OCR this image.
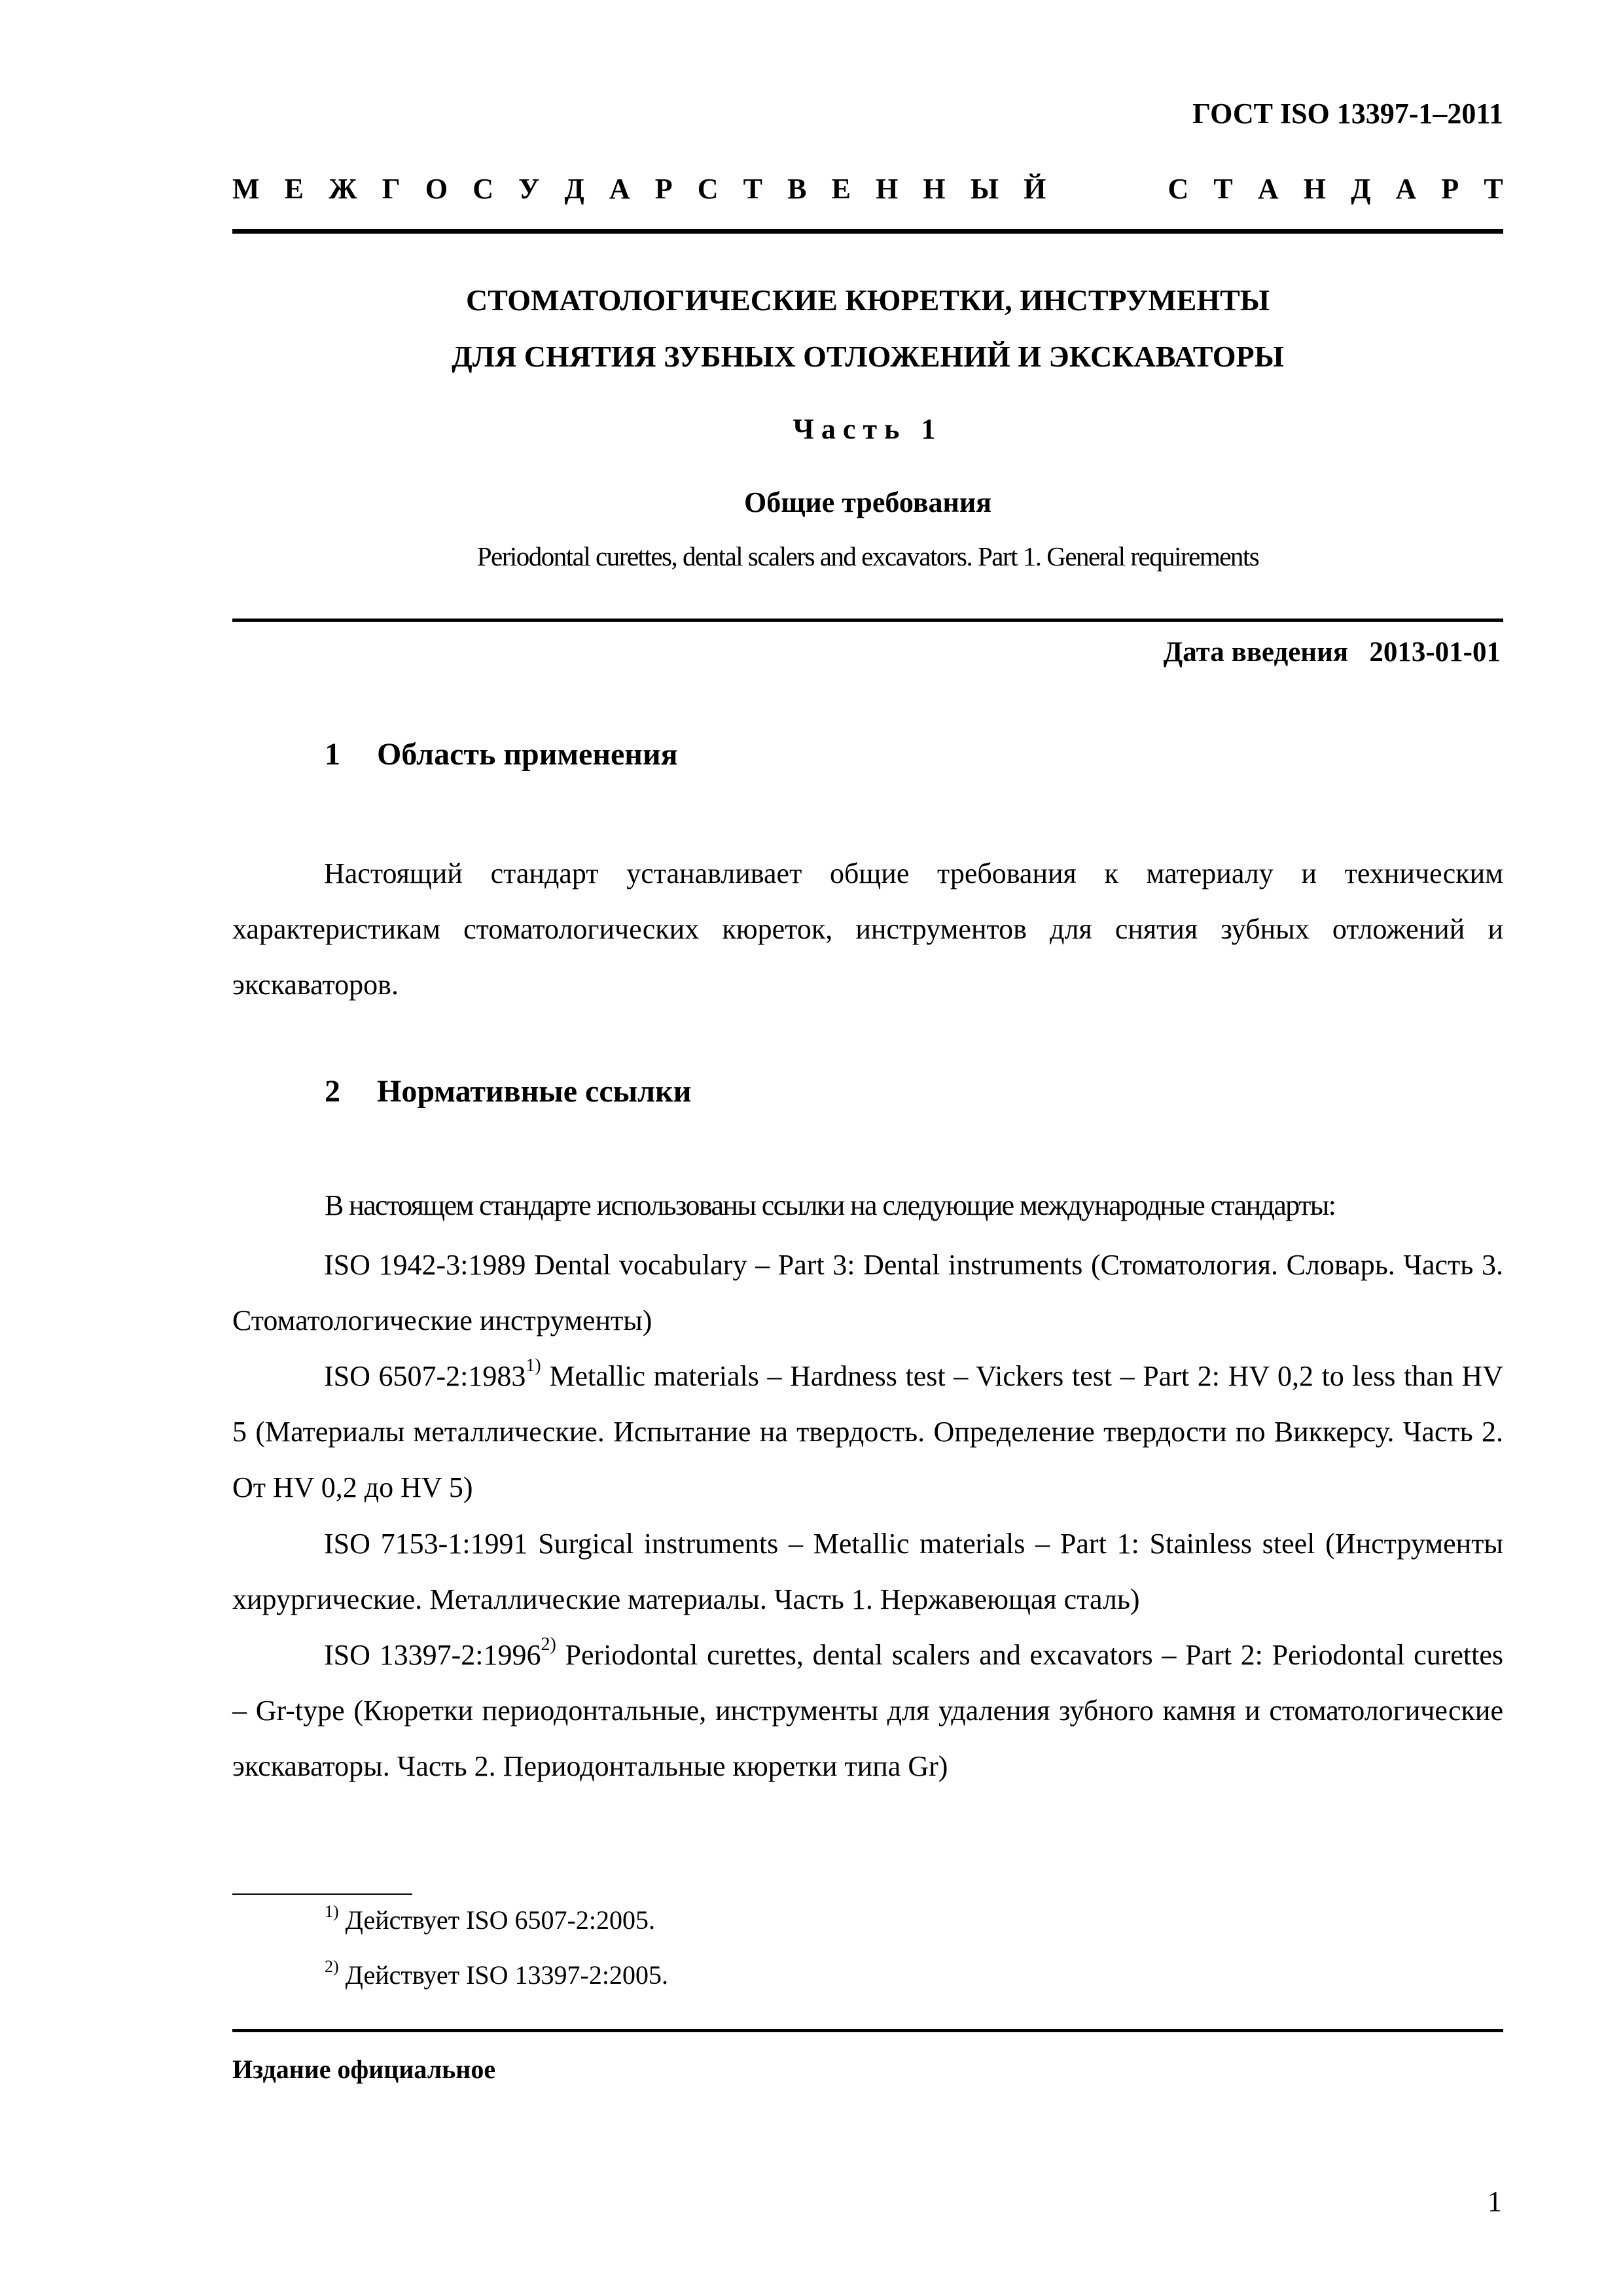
ГОСТ ISO 13397-1–2011
М Е Ж Г О С У Д А Р С Т В Е Н Н Ы Й	С Т А Н Д А Р Т
СТОМАТОЛОГИЧЕСКИЕ КЮРЕТКИ, ИНСТРУМЕНТЫ
ДЛЯ СНЯТИЯ ЗУБНЫХ ОТЛОЖЕНИЙ И ЭКСКАВАТОРЫ
Часть 1
Общие требования
Periodontal curettes, dental scalers and excavators. Part 1. General requirements
Дата введения 2013-01-01
1 Область применения
Настоящий стандарт устанавливает общие требования к материалу и техническим характеристикам стоматологических кюреток, инструментов для снятия зубных отложений и экскаваторов.
2 Нормативные ссылки
В настоящем стандарте использованы ссылки на следующие международные стандарты:
ISO 1942-3:1989 Dental vocabulary – Part 3: Dental instruments (Стоматология. Словарь. Часть 3. Стоматологические инструменты)
ISO 6507-2:1983$^{1)}$ Metallic materials – Hardness test – Vickers test – Part 2: HV 0,2 to less than HV 5 (Материалы металлические. Испытание на твердость. Определение твердости по Виккерсу. Часть 2. От HV 0,2 до HV 5)
ISO 7153-1:1991 Surgical instruments – Metallic materials – Part 1: Stainless steel (Инструменты хирургические. Металлические материалы. Часть 1. Нержавеющая сталь)
ISO 13397-2:1996$^{2)}$ Periodontal curettes, dental scalers and excavators – Part 2: Periodontal curettes – Gr-type (Кюретки периодонтальные, инструменты для удаления зубного камня и стоматологические экскаваторы. Часть 2. Периодонтальные кюретки типа Gr)
$^{1)}$ Действует ISO 6507-2:2005.
$^{2)}$ Действует ISO 13397-2:2005.
Издание официальное
1
